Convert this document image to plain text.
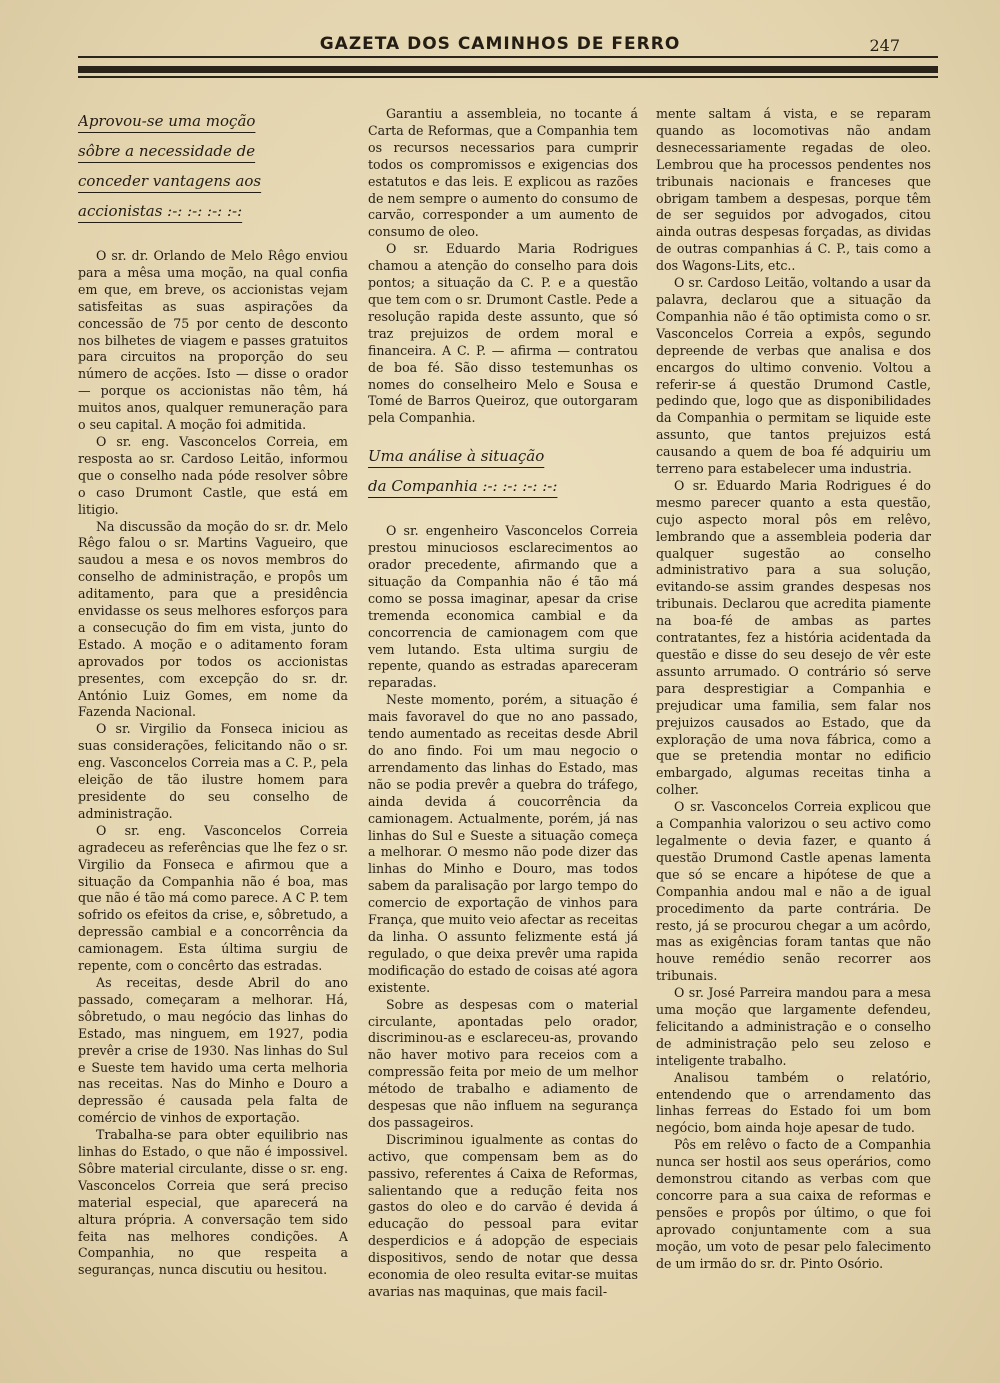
GAZETA DOS CAMINHOS DE FERRO	247
Aprovou-se uma moção
sôbre a necessidade de
conceder vantagens aos
accionistas :-: :-: :-: :-:

O sr. dr. Orlando de Melo Rêgo enviou para a mêsa uma moção, na qual confia em que, em breve, os accionistas vejam satisfeitas as suas aspirações da concessão de 75 por cento de desconto nos bilhetes de viagem e passes gratuitos para circuitos na proporção do seu número de acções. Isto — disse o orador — porque os accionistas não têm, há muitos anos, qualquer remuneração para o seu capital. A moção foi admitida.

O sr. eng. Vasconcelos Correia, em resposta ao sr. Cardoso Leitão, informou que o conselho nada póde resolver sôbre o caso Drumont Castle, que está em litigio.

Na discussão da moção do sr. dr. Melo Rêgo falou o sr. Martins Vagueiro, que saudou a mesa e os novos membros do conselho de administração, e propôs um aditamento, para que a presidência envidasse os seus melhores esforços para a consecução do fim em vista, junto do Estado. A moção e o aditamento foram aprovados por todos os accionistas presentes, com excepção do sr. dr. António Luiz Gomes, em nome da Fazenda Nacional.

O sr. Virgilio da Fonseca iniciou as suas considerações, felicitando não o sr. eng. Vasconcelos Correia mas a C. P., pela eleição de tão ilustre homem para presidente do seu conselho de administração.

O sr. eng. Vasconcelos Correia agradeceu as referências que lhe fez o sr. Virgilio da Fonseca e afirmou que a situação da Companhia não é boa, mas que não é tão má como parece. A C P. tem sofrido os efeitos da crise, e, sôbretudo, a depressão cambial e a concorrência da camionagem. Esta última surgiu de repente, com o concêrto das estradas.

As receitas, desde Abril do ano passado, começaram a melhorar. Há, sôbretudo, o mau negócio das linhas do Estado, mas ninguem, em 1927, podia prevêr a crise de 1930. Nas linhas do Sul e Sueste tem havido uma certa melhoria nas receitas. Nas do Minho e Douro a depressão é causada pela falta de comércio de vinhos de exportação.

Trabalha-se para obter equilibrio nas linhas do Estado, o que não é impossivel. Sôbre material circulante, disse o sr. eng. Vasconcelos Correia que será preciso material especial, que aparecerá na altura própria. A conversação tem sido feita nas melhores condições. A Companhia, no que respeita a seguranças, nunca discutiu ou hesitou.

Garantiu a assembleia, no tocante á Carta de Reformas, que a Companhia tem os recursos necessarios para cumprir todos os compromissos e exigencias dos estatutos e das leis. E explicou as razões de nem sempre o aumento do consumo de carvão, corresponder a um aumento de consumo de oleo.

O sr. Eduardo Maria Rodrigues chamou a atenção do conselho para dois pontos; a situação da C. P. e a questão que tem com o sr. Drumont Castle. Pede a resolução rapida deste assunto, que só traz prejuizos de ordem moral e financeira. A C. P. — afirma — contratou de boa fé. São disso testemunhas os nomes do conselheiro Melo e Sousa e Tomé de Barros Queiroz, que outorgaram pela Companhia.

Uma análise à situação
da Companhia :-: :-: :-: :-:

O sr. engenheiro Vasconcelos Correia prestou minuciosos esclarecimentos ao orador precedente, afirmando que a situação da Companhia não é tão má como se possa imaginar, apesar da crise tremenda economica cambial e da concorrencia de camionagem com que vem lutando. Esta ultima surgiu de repente, quando as estradas apareceram reparadas.

Neste momento, porém, a situação é mais favoravel do que no ano passado, tendo aumentado as receitas desde Abril do ano findo. Foi um mau negocio o arrendamento das linhas do Estado, mas não se podia prevêr a quebra do tráfego, ainda devida á coucorrência da camionagem. Actualmente, porém, já nas linhas do Sul e Sueste a situação começa a melhorar. O mesmo não pode dizer das linhas do Minho e Douro, mas todos sabem da paralisação por largo tempo do comercio de exportação de vinhos para França, que muito veio afectar as receitas da linha. O assunto felizmente está já regulado, o que deixa prevêr uma rapida modificação do estado de coisas até agora existente.

Sobre as despesas com o material circulante, apontadas pelo orador, discriminou-as e esclareceu-as, provando não haver motivo para receios com a compressão feita por meio de um melhor método de trabalho e adiamento de despesas que não influem na segurança dos passageiros.

Discriminou igualmente as contas do activo, que compensam bem as do passivo, referentes á Caixa de Reformas, salientando que a redução feita nos gastos do oleo e do carvão é devida á educação do pessoal para evitar desperdicios e á adopção de especiais dispositivos, sendo de notar que dessa economia de oleo resulta evitar-se muitas avarias nas maquinas, que mais facil-

mente saltam á vista, e se reparam quando as locomotivas não andam desnecessariamente regadas de oleo. Lembrou que ha processos pendentes nos tribunais nacionais e franceses que obrigam tambem a despesas, porque têm de ser seguidos por advogados, citou ainda outras despesas forçadas, as dividas de outras companhias á C. P., tais como a dos Wagons-Lits, etc..

O sr. Cardoso Leitão, voltando a usar da palavra, declarou que a situação da Companhia não é tão optimista como o sr. Vasconcelos Correia a expôs, segundo depreende de verbas que analisa e dos encargos do ultimo convenio. Voltou a referir-se á questão Drumond Castle, pedindo que, logo que as disponibilidades da Companhia o permitam se liquide este assunto, que tantos prejuizos está causando a quem de boa fé adquiriu um terreno para estabelecer uma industria.

O sr. Eduardo Maria Rodrigues é do mesmo parecer quanto a esta questão, cujo aspecto moral pôs em relêvo, lembrando que a assembleia poderia dar qualquer sugestão ao conselho administrativo para a sua solução, evitando-se assim grandes despesas nos tribunais. Declarou que acredita piamente na boa-fé de ambas as partes contratantes, fez a história acidentada da questão e disse do seu desejo de vêr este assunto arrumado. O contrário só serve para desprestigiar a Companhia e prejudicar uma familia, sem falar nos prejuizos causados ao Estado, que da exploração de uma nova fábrica, como a que se pretendia montar no edificio embargado, algumas receitas tinha a colher.

O sr. Vasconcelos Correia explicou que a Companhia valorizou o seu activo como legalmente o devia fazer, e quanto á questão Drumond Castle apenas lamenta que só se encare a hipótese de que a Companhia andou mal e não a de igual procedimento da parte contrária. De resto, já se procurou chegar a um acôrdo, mas as exigências foram tantas que não houve remédio senão recorrer aos tribunais.

O sr. José Parreira mandou para a mesa uma moção que largamente defendeu, felicitando a administração e o conselho de administração pelo seu zeloso e inteligente trabalho.

Analisou também o relatório, entendendo que o arrendamento das linhas ferreas do Estado foi um bom negócio, bom ainda hoje apesar de tudo.

Pôs em relêvo o facto de a Companhia nunca ser hostil aos seus operários, como demonstrou citando as verbas com que concorre para a sua caixa de reformas e pensões e propôs por último, o que foi aprovado conjuntamente com a sua moção, um voto de pesar pelo falecimento de um irmão do sr. dr. Pinto Osório.
